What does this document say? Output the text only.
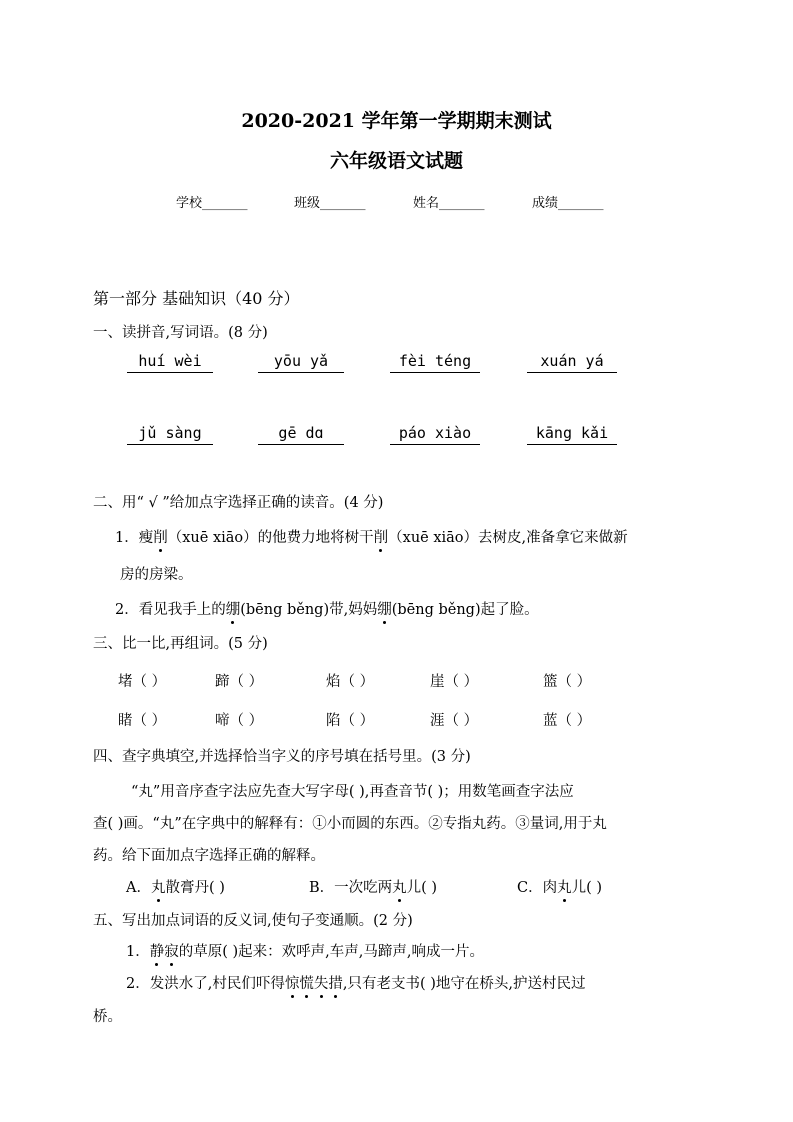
2020-2021 学年第一学期期末测试
六年级语文试题
学校_______	班级_______	姓名_______	成绩_______
第一部分 基础知识（40 分）
一、读拼音,写词语。(8 分)
huí wèi	yōu yǎ	fèi téng	xuán yá
jǔ sàng	gē dɑ	páo xiào	kāng kǎi
二、用“ √ ”给加点字选择正确的读音。(4 分)
1．瘦削（xuē xiāo）的他费力地将树干削（xuē xiāo）去树皮,准备拿它来做新
房的房梁。
2．看见我手上的绷(bēng běng)带,妈妈绷(bēng běng)起了脸。
三、比一比,再组词。(5 分)
堵（ ）	蹄（ ）	焰（ ）	崖（ ）	篮（ ）
睹（ ）	啼（ ）	陷（ ）	涯（ ）	蓝（ ）
四、查字典填空,并选择恰当字义的序号填在括号里。(3 分)
“丸”用音序查字法应先查大写字母( ),再查音节( )；用数笔画查字法应
查( )画。“丸”在字典中的解释有：①小而圆的东西。②专指丸药。③量词,用于丸
药。给下面加点字选择正确的解释。
A．丸散膏丹( )	B．一次吃两丸儿( )	C．肉丸儿( )
五、写出加点词语的反义词,使句子变通顺。(2 分)
1．静寂的草原( )起来：欢呼声,车声,马蹄声,响成一片。
2．发洪水了,村民们吓得惊慌失措,只有老支书( )地守在桥头,护送村民过
桥。
